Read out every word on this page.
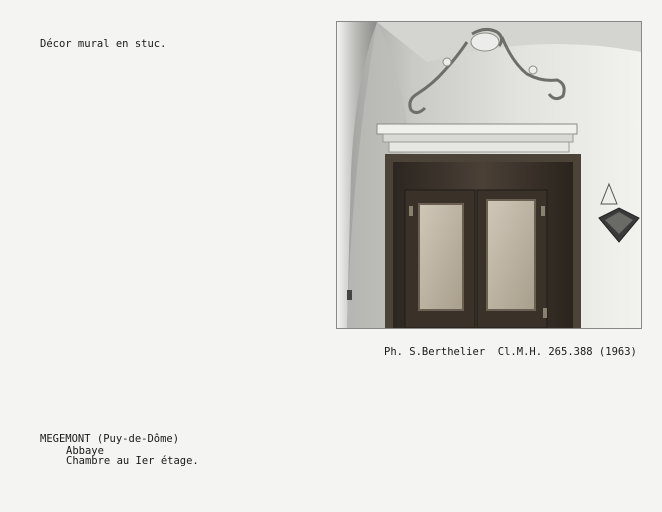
Décor mural en stuc.
Ph. S.Berthelier  Cl.M.H. 265.388 (1963)
MEGEMONT (Puy-de-Dôme)
Abbaye
Chambre au Ier étage.
